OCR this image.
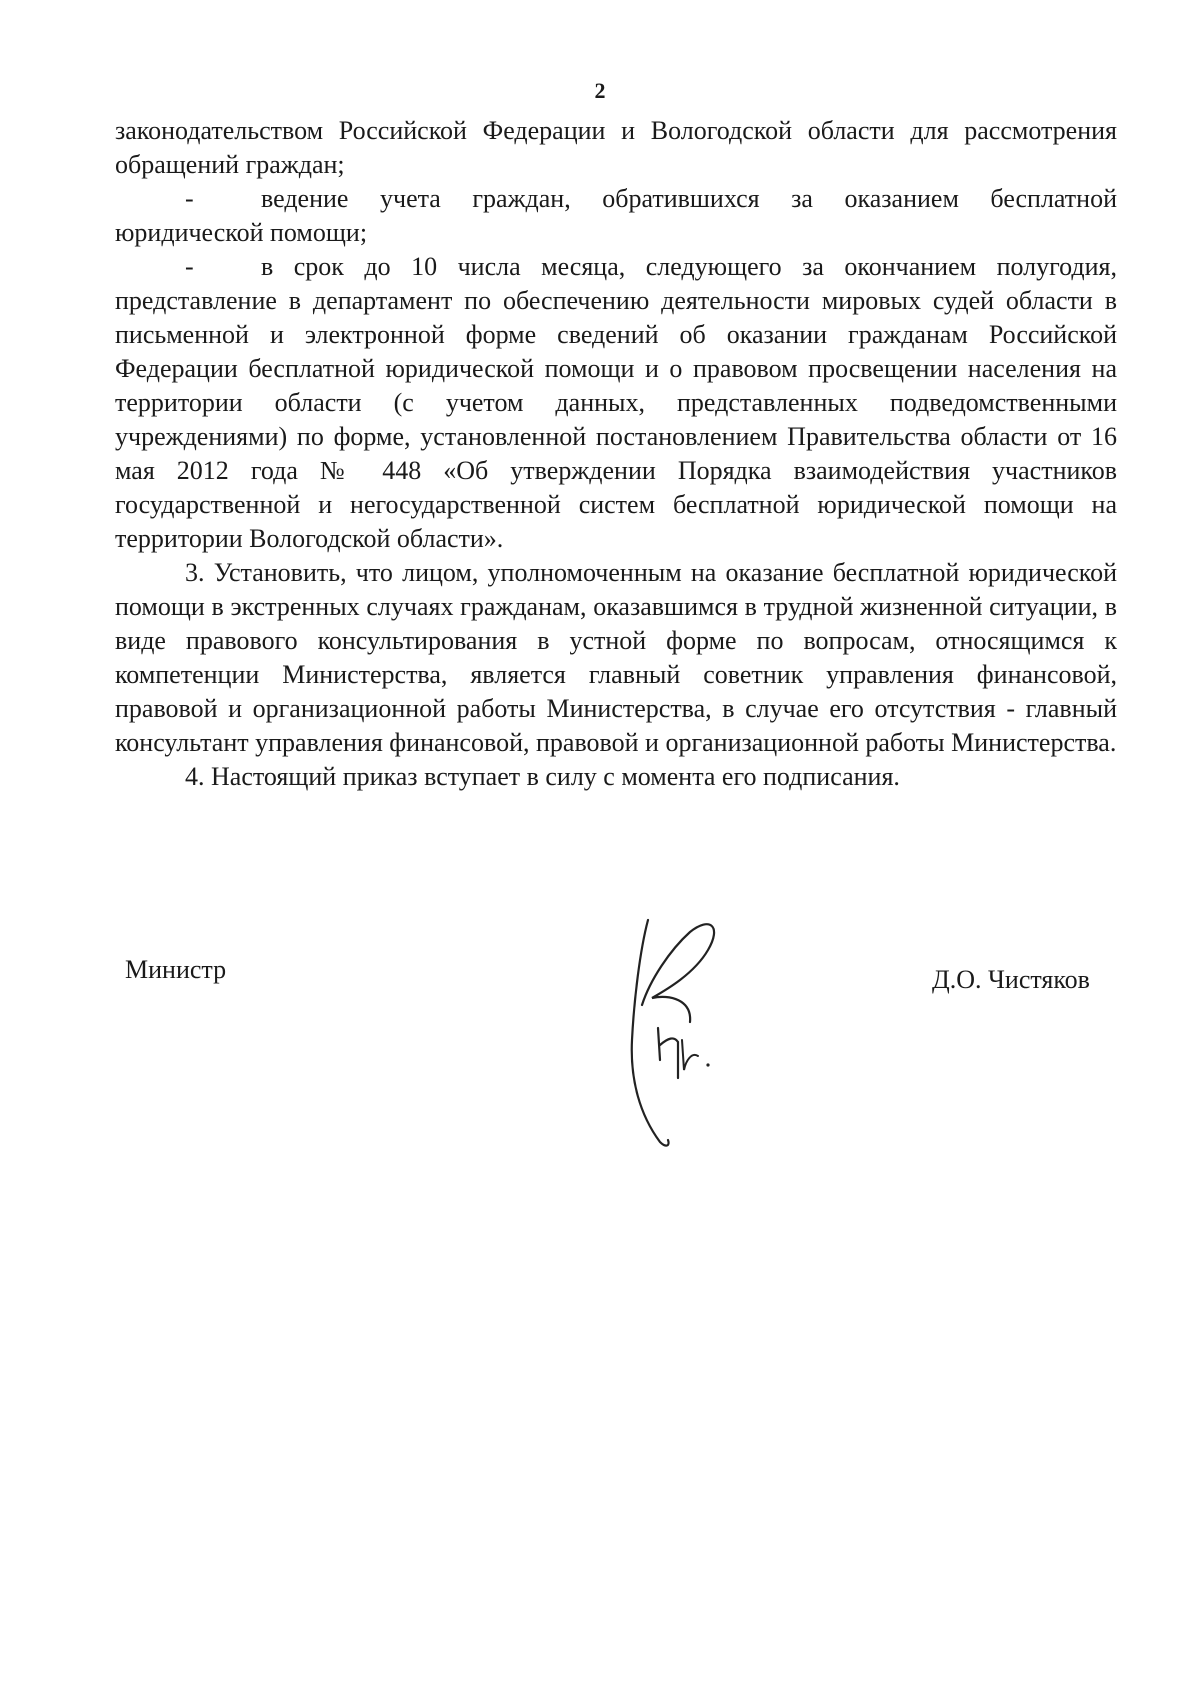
2

законодательством Российской Федерации и Вологодской области для рассмотрения обращений граждан;

-	ведение учета граждан, обратившихся за оказанием бесплатной юридической помощи;

-	в срок до 10 числа месяца, следующего за окончанием полугодия, представление в департамент по обеспечению деятельности мировых судей области в письменной и электронной форме сведений об оказании гражданам Российской Федерации бесплатной юридической помощи и о правовом просвещении населения на территории области (с учетом данных, представленных подведомственными учреждениями) по форме, установленной постановлением Правительства области от 16 мая 2012 года № 448 «Об утверждении Порядка взаимодействия участников государственной и негосударственной систем бесплатной юридической помощи на территории Вологодской области».

3. Установить, что лицом, уполномоченным на оказание бесплатной юридической помощи в экстренных случаях гражданам, оказавшимся в трудной жизненной ситуации, в виде правового консультирования в устной форме по вопросам, относящимся к компетенции Министерства, является главный советник управления финансовой, правовой и организационной работы Министерства, в случае его отсутствия - главный консультант управления финансовой, правовой и организационной работы Министерства.

4. Настоящий приказ вступает в силу с момента его подписания.

Министр	Д.О. Чистяков
